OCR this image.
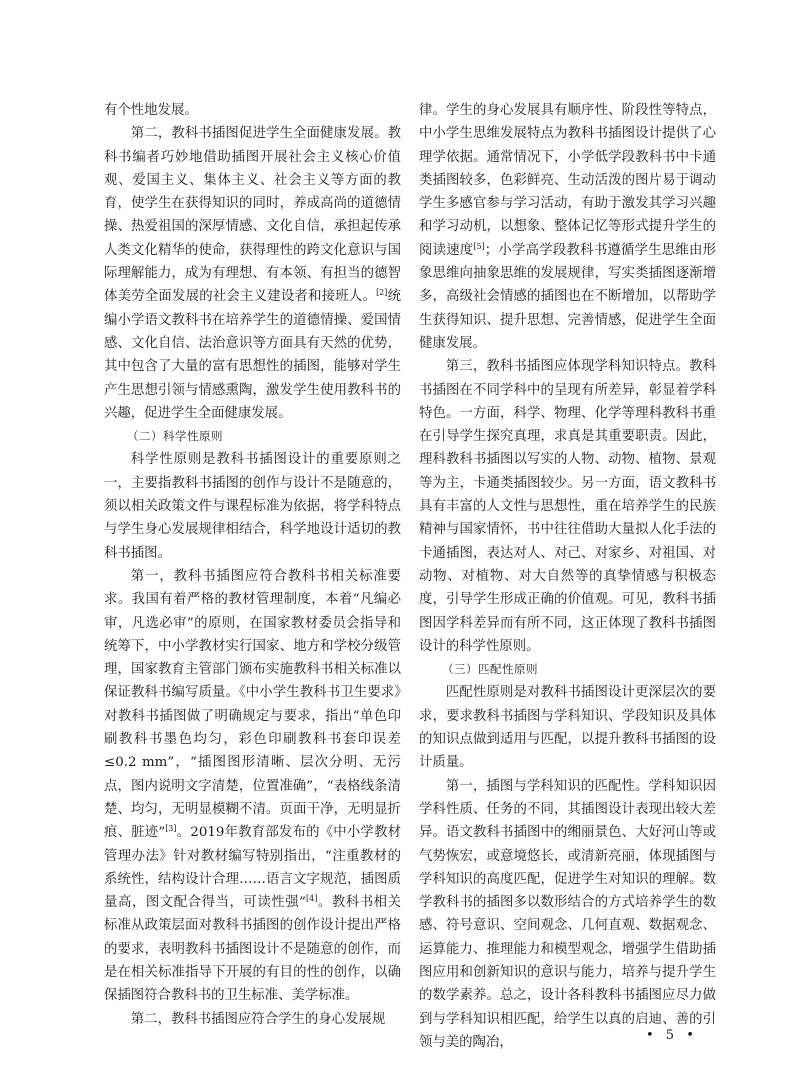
有个性地发展。

第二，教科书插图促进学生全面健康发展。教科书编者巧妙地借助插图开展社会主义核心价值观、爱国主义、集体主义、社会主义等方面的教育，使学生在获得知识的同时，养成高尚的道德情操、热爱祖国的深厚情感、文化自信，承担起传承人类文化精华的使命，获得理性的跨文化意识与国际理解能力，成为有理想、有本领、有担当的德智体美劳全面发展的社会主义建设者和接班人。[2]统编小学语文教科书在培养学生的道德情操、爱国情感、文化自信、法治意识等方面具有天然的优势，其中包含了大量的富有思想性的插图，能够对学生产生思想引领与情感熏陶，激发学生使用教科书的兴趣，促进学生全面健康发展。

（二）科学性原则

科学性原则是教科书插图设计的重要原则之一，主要指教科书插图的创作与设计不是随意的，须以相关政策文件与课程标准为依据，将学科特点与学生身心发展规律相结合，科学地设计适切的教科书插图。

第一，教科书插图应符合教科书相关标准要求。我国有着严格的教材管理制度，本着“凡编必审，凡选必审”的原则，在国家教材委员会指导和统筹下，中小学教材实行国家、地方和学校分级管理，国家教育主管部门颁布实施教科书相关标准以保证教科书编写质量。《中小学生教科书卫生要求》对教科书插图做了明确规定与要求，指出“单色印刷教科书墨色均匀，彩色印刷教科书套印误差≤0.2 mm”，“插图图形清晰、层次分明、无污点，图内说明文字清楚，位置准确”，“表格线条清楚、均匀，无明显模糊不清。页面干净，无明显折痕、脏迹”[3]。2019年教育部发布的《中小学教材管理办法》针对教材编写特别指出，“注重教材的系统性，结构设计合理……语言文字规范，插图质量高，图文配合得当，可读性强”[4]。教科书相关标准从政策层面对教科书插图的创作设计提出严格的要求，表明教科书插图设计不是随意的创作，而是在相关标准指导下开展的有目的性的创作，以确保插图符合教科书的卫生标准、美学标准。

第二，教科书插图应符合学生的身心发展规

律。学生的身心发展具有顺序性、阶段性等特点，中小学生思维发展特点为教科书插图设计提供了心理学依据。通常情况下，小学低学段教科书中卡通类插图较多，色彩鲜亮、生动活泼的图片易于调动学生多感官参与学习活动，有助于激发其学习兴趣和学习动机，以想象、整体记忆等形式提升学生的阅读速度[5]；小学高学段教科书遵循学生思维由形象思维向抽象思维的发展规律，写实类插图逐渐增多，高级社会情感的插图也在不断增加，以帮助学生获得知识、提升思想、完善情感，促进学生全面健康发展。

第三，教科书插图应体现学科知识特点。教科书插图在不同学科中的呈现有所差异，彰显着学科特色。一方面，科学、物理、化学等理科教科书重在引导学生探究真理，求真是其重要职责。因此，理科教科书插图以写实的人物、动物、植物、景观等为主，卡通类插图较少。另一方面，语文教科书具有丰富的人文性与思想性，重在培养学生的民族精神与国家情怀，书中往往借助大量拟人化手法的卡通插图，表达对人、对己、对家乡、对祖国、对动物、对植物、对大自然等的真挚情感与积极态度，引导学生形成正确的价值观。可见，教科书插图因学科差异而有所不同，这正体现了教科书插图设计的科学性原则。

（三）匹配性原则

匹配性原则是对教科书插图设计更深层次的要求，要求教科书插图与学科知识、学段知识及具体的知识点做到适用与匹配，以提升教科书插图的设计质量。

第一，插图与学科知识的匹配性。学科知识因学科性质、任务的不同，其插图设计表现出较大差异。语文教科书插图中的缃丽景色、大好河山等或气势恢宏，或意境悠长，或清新亮丽，体现插图与学科知识的高度匹配，促进学生对知识的理解。数学教科书的插图多以数形结合的方式培养学生的数感、符号意识、空间观念、几何直观、数据观念、运算能力、推理能力和模型观念，增强学生借助插图应用和创新知识的意识与能力，培养与提升学生的数学素养。总之，设计各科教科书插图应尽力做到与学科知识相匹配，给学生以真的启迪、善的引领与美的陶冶，	• 5 •
